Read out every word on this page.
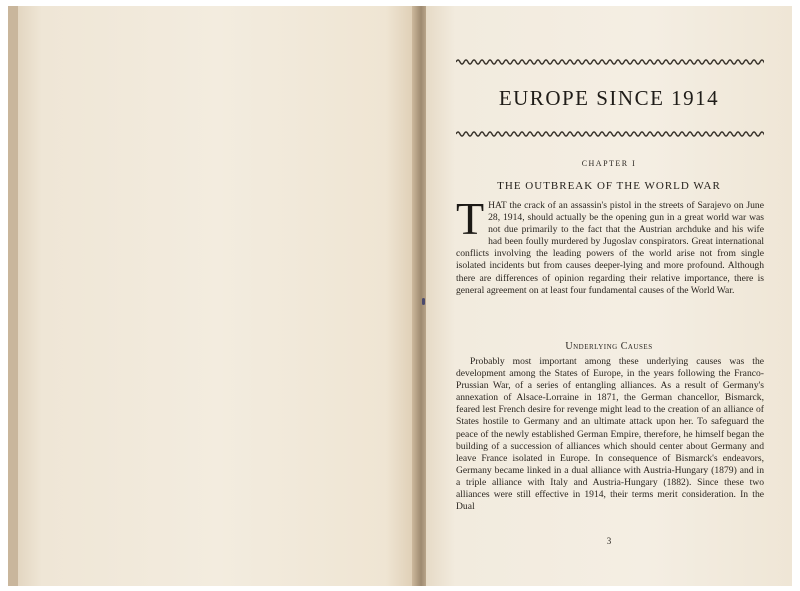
EUROPE SINCE 1914
CHAPTER I
THE OUTBREAK OF THE WORLD WAR
T HAT the crack of an assassin's pistol in the streets of Sarajevo on June 28, 1914, should actually be the opening gun in a great world war was not due primarily to the fact that the Austrian archduke and his wife had been foully murdered by Jugoslav conspirators. Great international conflicts involving the leading powers of the world arise not from single isolated incidents but from causes deeper-lying and more profound. Although there are differences of opinion regarding their relative importance, there is general agreement on at least four fundamental causes of the World War.
Underlying Causes
Probably most important among these underlying causes was the development among the States of Europe, in the years following the Franco-Prussian War, of a series of entangling alliances. As a result of Germany's annexation of Alsace-Lorraine in 1871, the German chancellor, Bismarck, feared lest French desire for revenge might lead to the creation of an alliance of States hostile to Germany and an ultimate attack upon her. To safeguard the peace of the newly established German Empire, therefore, he himself began the building of a succession of alliances which should center about Germany and leave France isolated in Europe. In consequence of Bismarck's endeavors, Germany became linked in a dual alliance with Austria-Hungary (1879) and in a triple alliance with Italy and Austria-Hungary (1882). Since these two alliances were still effective in 1914, their terms merit consideration. In the Dual
3
